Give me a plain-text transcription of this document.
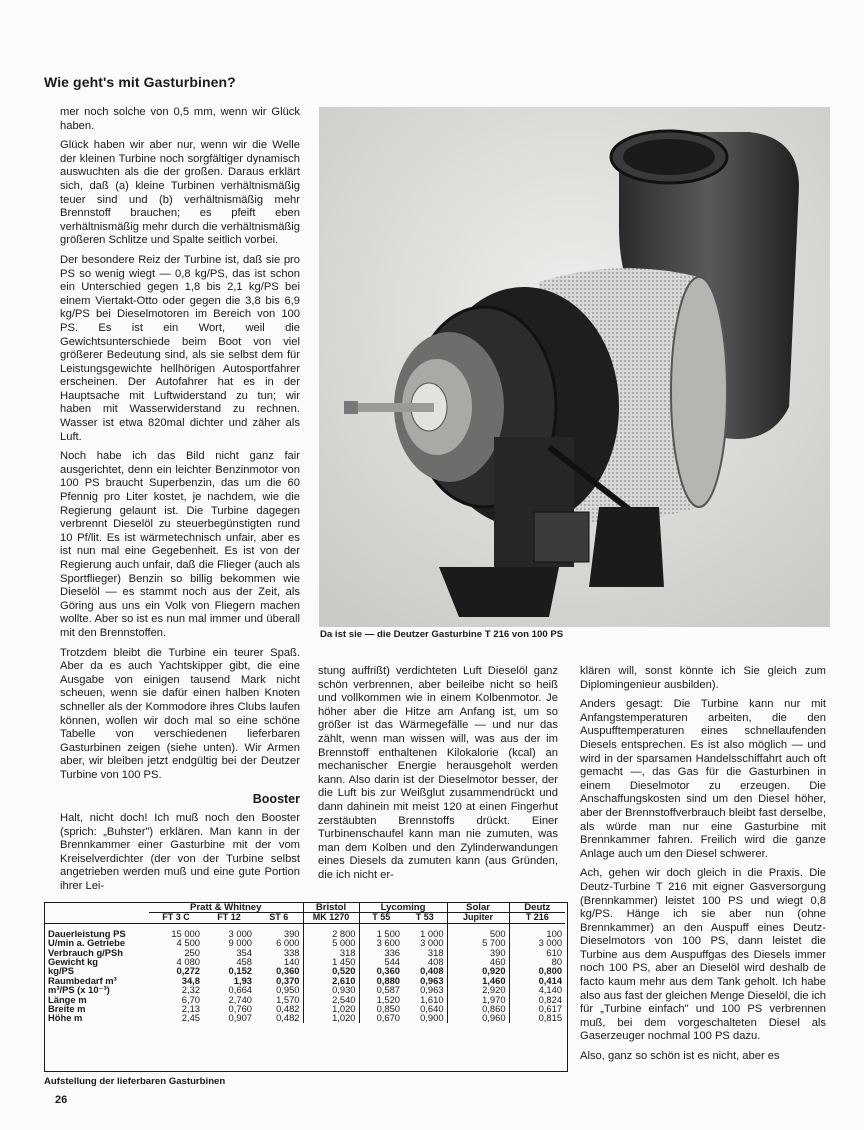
Wie geht's mit Gasturbinen?

mer noch solche von 0,5 mm, wenn wir Glück haben.

Glück haben wir aber nur, wenn wir die Welle der kleinen Turbine noch sorgfältiger dynamisch auswuchten als die der großen. Daraus erklärt sich, daß (a) kleine Turbinen verhältnismäßig teuer sind und (b) verhältnismäßig mehr Brennstoff brauchen; es pfeift eben verhältnismäßig mehr durch die verhältnismäßig größeren Schlitze und Spalte seitlich vorbei.

Der besondere Reiz der Turbine ist, daß sie pro PS so wenig wiegt — 0,8 kg/PS, das ist schon ein Unterschied gegen 1,8 bis 2,1 kg/PS bei einem Viertakt-Otto oder gegen die 3,8 bis 6,9 kg/PS bei Dieselmotoren im Bereich von 100 PS. Es ist ein Wort, weil die Gewichtsunterschiede beim Boot von viel größerer Bedeutung sind, als sie selbst dem für Leistungsgewichte hellhörigen Autosportfahrer erscheinen. Der Autofahrer hat es in der Hauptsache mit Luftwiderstand zu tun; wir haben mit Wasserwiderstand zu rechnen. Wasser ist etwa 820mal dichter und zäher als Luft.

Noch habe ich das Bild nicht ganz fair ausgerichtet, denn ein leichter Benzinmotor von 100 PS braucht Superbenzin, das um die 60 Pfennig pro Liter kostet, je nachdem, wie die Regierung gelaunt ist. Die Turbine dagegen verbrennt Dieselöl zu steuerbegünstigten rund 10 Pf/lit. Es ist wärmetechnisch unfair, aber es ist nun mal eine Gegebenheit. Es ist von der Regierung auch unfair, daß die Flieger (auch als Sportflieger) Benzin so billig bekommen wie Dieselöl — es stammt noch aus der Zeit, als Göring aus uns ein Volk von Fliegern machen wollte. Aber so ist es nun mal immer und überall mit den Brennstoffen.

Trotzdem bleibt die Turbine ein teurer Spaß. Aber da es auch Yachtskipper gibt, die eine Ausgabe von einigen tausend Mark nicht scheuen, wenn sie dafür einen halben Knoten schneller als der Kommodore ihres Clubs laufen können, wollen wir doch mal so eine schöne Tabelle von verschiedenen lieferbaren Gasturbinen zeigen (siehe unten). Wir Armen aber, wir bleiben jetzt endgültig bei der Deutzer Turbine von 100 PS.

Booster

Halt, nicht doch! Ich muß noch den Booster (sprich: „Buhster") erklären. Man kann in der Brennkammer einer Gasturbine mit der vom Kreiselverdichter (der von der Turbine selbst angetrieben werden muß und eine gute Portion ihrer Lei-

Da ist sie — die Deutzer Gasturbine T 216 von 100 PS

stung auffrißt) verdichteten Luft Dieselöl ganz schön verbrennen, aber beileibe nicht so heiß und vollkommen wie in einem Kolbenmotor. Je höher aber die Hitze am Anfang ist, um so größer ist das Wärmegefälle — und nur das zählt, wenn man wissen will, was aus der im Brennstoff enthaltenen Kilokalorie (kcal) an mechanischer Energie herausgeholt werden kann. Also darin ist der Dieselmotor besser, der die Luft bis zur Weißglut zusammendrückt und dann dahinein mit meist 120 at einen Fingerhut zerstäubten Brennstoffs drückt. Einer Turbinenschaufel kann man nie zumuten, was man dem Kolben und den Zylinderwandungen eines Diesels da zumuten kann (aus Gründen, die ich nicht er-

klären will, sonst könnte ich Sie gleich zum Diplomingenieur ausbilden).

Anders gesagt: Die Turbine kann nur mit Anfangstemperaturen arbeiten, die den Auspufftemperaturen eines schnellaufenden Diesels entsprechen. Es ist also möglich — und wird in der sparsamen Handelsschiffahrt auch oft gemacht —, das Gas für die Gasturbinen in einem Dieselmotor zu erzeugen. Die Anschaffungskosten sind um den Diesel höher, aber der Brennstoffverbrauch bleibt fast derselbe, als würde man nur eine Gasturbine mit Brennkammer fahren. Freilich wird die ganze Anlage auch um den Diesel schwerer.

Ach, gehen wir doch gleich in die Praxis. Die Deutz-Turbine T 216 mit eigner Gasversorgung (Brennkammer) leistet 100 PS und wiegt 0,8 kg/PS. Hänge ich sie aber nun (ohne Brennkammer) an den Auspuff eines Deutz-Dieselmotors von 100 PS, dann leistet die Turbine aus dem Auspuffgas des Diesels immer noch 100 PS, aber an Dieselöl wird deshalb de facto kaum mehr aus dem Tank geholt. Ich habe also aus fast der gleichen Menge Dieselöl, die ich für „Turbine einfach" und 100 PS verbrennen muß, bei dem vorgeschalteten Diesel als Gaserzeuger nochmal 100 PS dazu.

Also, ganz so schön ist es nicht, aber es

	Pratt & Whitney			Bristol	Lycoming		Solar	Deutz
	FT 3 C	FT 12	ST 6	MK 1270	T 55	T 53	Jupiter	T 216

Dauerleistung PS	15 000	3 000	390	2 800	1 500	1 000	500	100
U/min a. Getriebe	4 500	9 000	6 000	5 000	3 600	3 000	5 700	3 000
Verbrauch g/PSh	250	354	338	318	336	318	390	610
Gewicht kg	4 080	458	140	1 450	544	408	460	80
kg/PS	0,272	0,152	0,360	0,520	0,360	0,408	0,920	0,800
Raumbedarf m³	34,8	1,93	0,370	2,610	0,880	0,963	1,460	0,414
m³/PS (x 10⁻³)	2,32	0,664	0,950	0,930	0,587	0,963	2,920	4,140
Länge m	6,70	2,740	1,570	2,540	1,520	1,610	1,970	0,824
Breite m	2,13	0,760	0,482	1,020	0,850	0,640	0,860	0,617
Höhe m	2,45	0,907	0,482	1,020	0,670	0,900	0,960	0,815
Aufstellung der lieferbaren Gasturbinen
26
